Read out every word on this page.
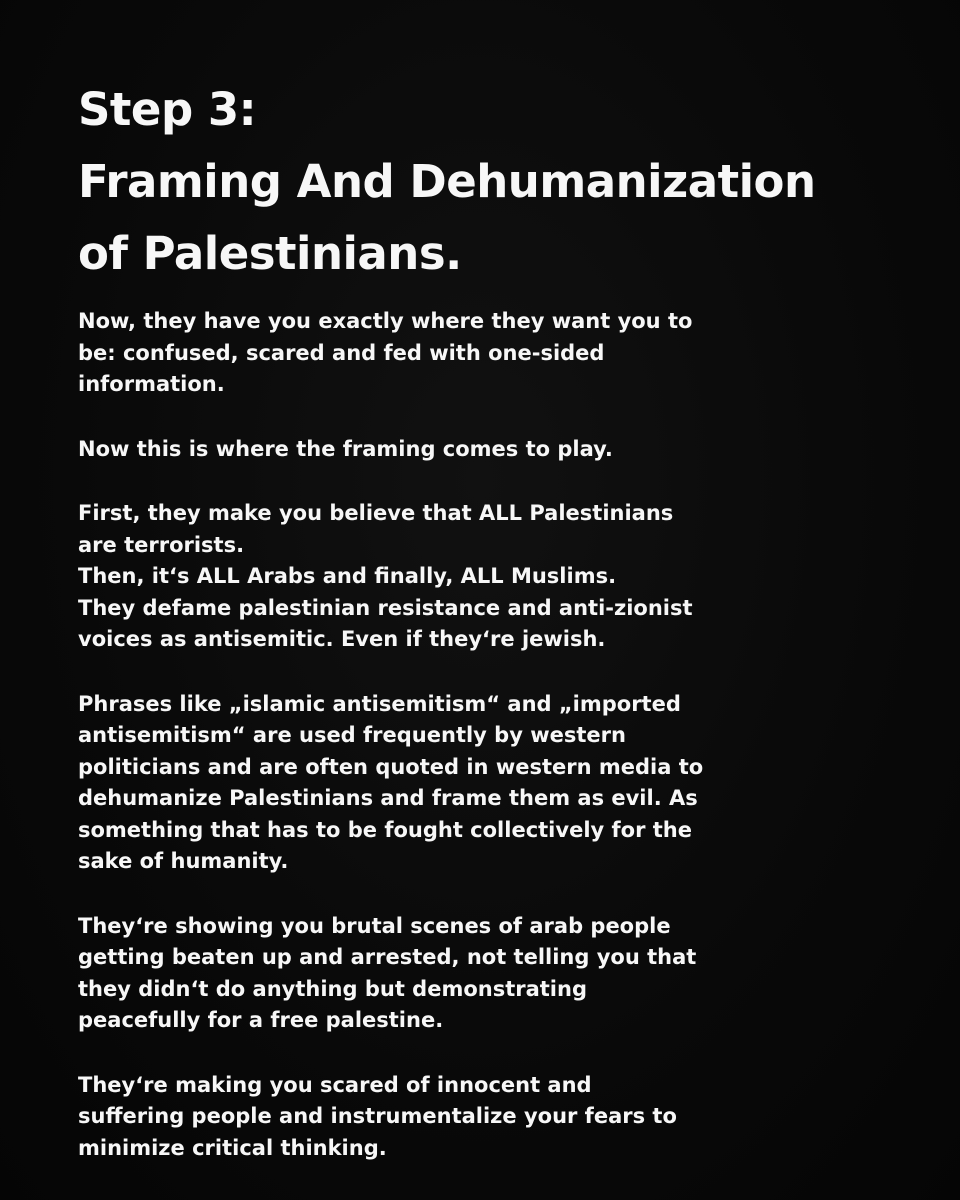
Step 3:
Framing And Dehumanization
of Palestinians.
Now, they have you exactly where they want you to
be: confused, scared and fed with one-sided
information.
Now this is where the framing comes to play.
First, they make you believe that ALL Palestinians
are terrorists.
Then, it‘s ALL Arabs and finally, ALL Muslims.
They defame palestinian resistance and anti-zionist
voices as antisemitic. Even if they‘re jewish.
Phrases like „islamic antisemitism“ and „imported
antisemitism“ are used frequently by western
politicians and are often quoted in western media to
dehumanize Palestinians and frame them as evil. As
something that has to be fought collectively for the
sake of humanity.
They‘re showing you brutal scenes of arab people
getting beaten up and arrested, not telling you that
they didn‘t do anything but demonstrating
peacefully for a free palestine.
They‘re making you scared of innocent and
suffering people and instrumentalize your fears to
minimize critical thinking.
